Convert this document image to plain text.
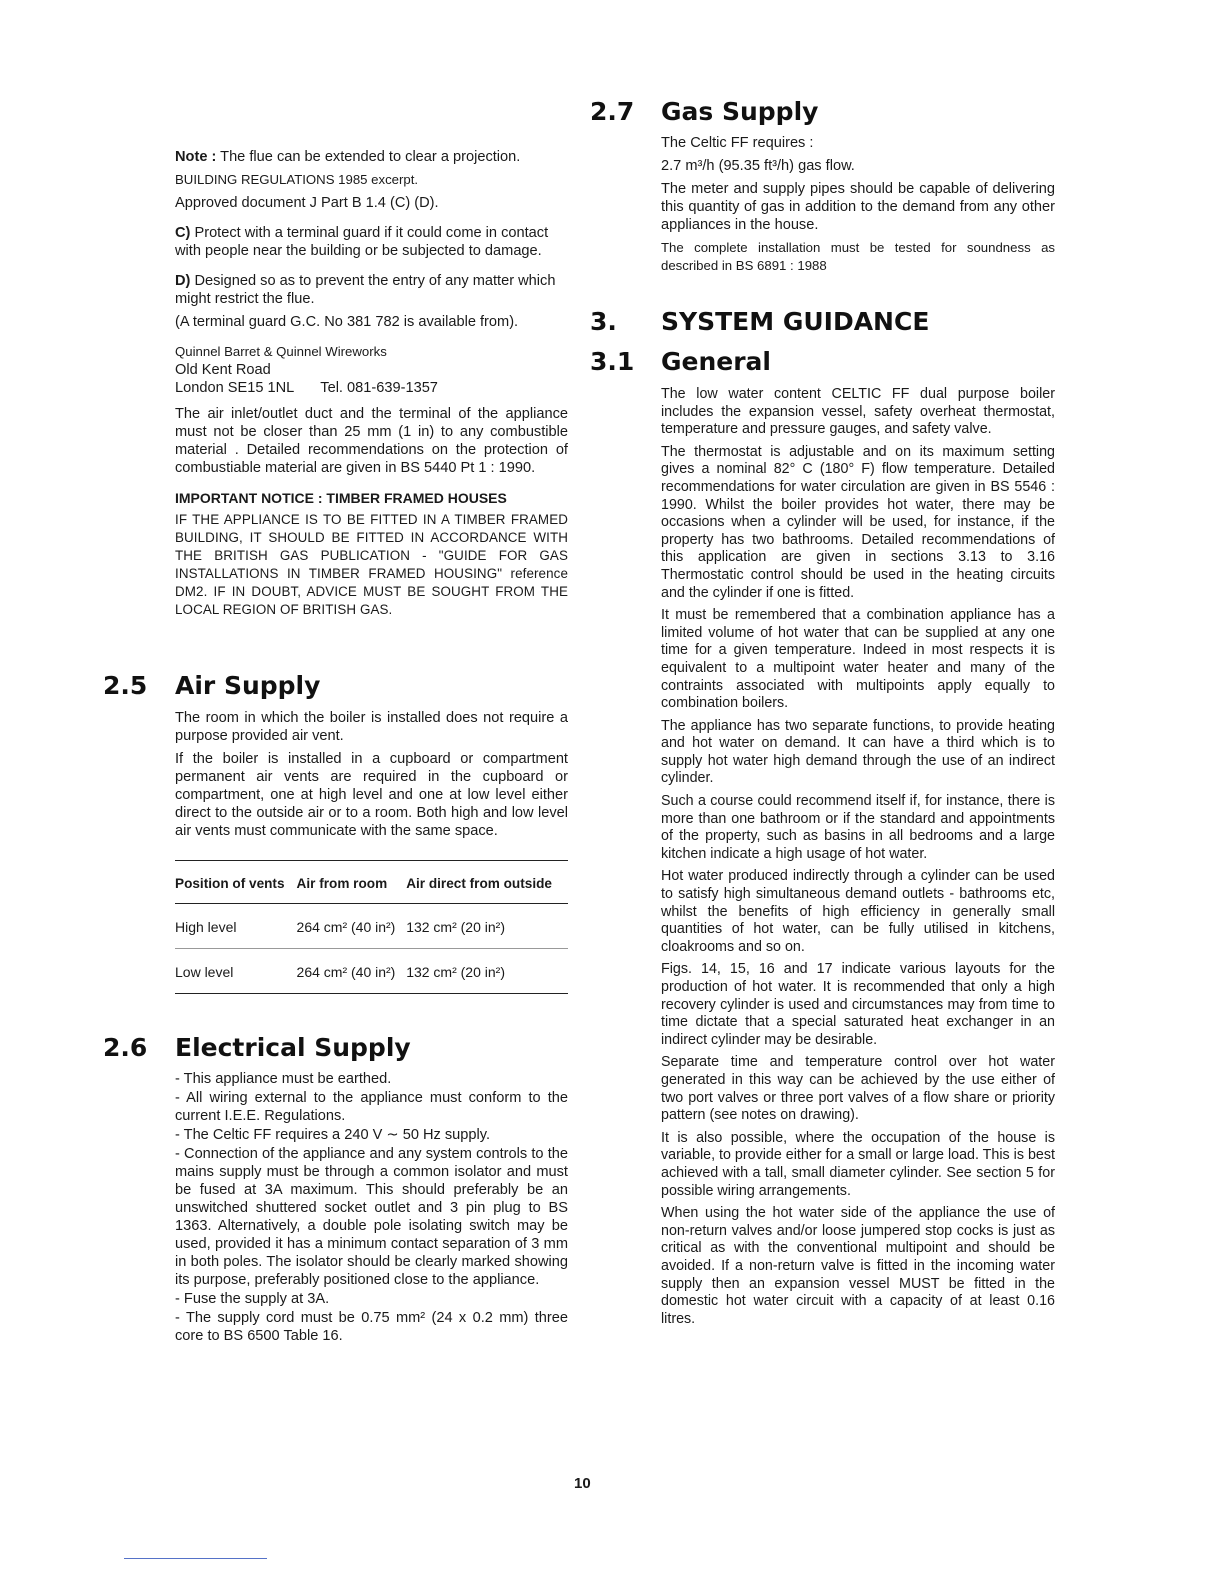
Note : The flue can be extended to clear a projection.

BUILDING REGULATIONS 1985 excerpt.

Approved document J Part B 1.4 (C) (D).

C) Protect with a terminal guard if it could come in contact with people near the building or be subjected to damage.

D) Designed so as to prevent the entry of any matter which might restrict the flue.

(A terminal guard G.C. No 381 782 is available from).

Quinnel Barret & Quinnel Wireworks
Old Kent Road
London SE15 1NL Tel. 081-639-1357

The air inlet/outlet duct and the terminal of the appliance must not be closer than 25 mm (1 in) to any combustible material . Detailed recommendations on the protection of combustiable material are given in BS 5440 Pt 1 : 1990.

IMPORTANT NOTICE : TIMBER FRAMED HOUSES

IF THE APPLIANCE IS TO BE FITTED IN A TIMBER FRAMED BUILDING, IT SHOULD BE FITTED IN ACCORDANCE WITH THE BRITISH GAS PUBLICATION - "GUIDE FOR GAS INSTALLATIONS IN TIMBER FRAMED HOUSING" reference DM2. IF IN DOUBT, ADVICE MUST BE SOUGHT FROM THE LOCAL REGION OF BRITISH GAS.

2.5 Air Supply

The room in which the boiler is installed does not require a purpose provided air vent.

If the boiler is installed in a cupboard or compartment permanent air vents are required in the cupboard or compartment, one at high level and one at low level either direct to the outside air or to a room. Both high and low level air vents must communicate with the same space.

Position of vents	Air from room	Air direct from outside
High level	264 cm² (40 in²)	132 cm² (20 in²)
Low level	264 cm² (40 in²)	132 cm² (20 in²)
2.6 Electrical Supply

- This appliance must be earthed.

- All wiring external to the appliance must conform to the current I.E.E. Regulations.

- The Celtic FF requires a 240 V ∼ 50 Hz supply.

- Connection of the appliance and any system controls to the mains supply must be through a common isolator and must be fused at 3A maximum. This should preferably be an unswitched shuttered socket outlet and 3 pin plug to BS 1363. Alternatively, a double pole isolating switch may be used, provided it has a minimum contact separation of 3 mm in both poles. The isolator should be clearly marked showing its purpose, preferably positioned close to the appliance.

- Fuse the supply at 3A.

- The supply cord must be 0.75 mm² (24 x 0.2 mm) three core to BS 6500 Table 16.

2.7 Gas Supply

The Celtic FF requires :

2.7 m³/h (95.35 ft³/h) gas flow.

The meter and supply pipes should be capable of delivering this quantity of gas in addition to the demand from any other appliances in the house.

The complete installation must be tested for soundness as described in BS 6891 : 1988

3. SYSTEM GUIDANCE
3.1 General

The low water content CELTIC FF dual purpose boiler includes the expansion vessel, safety overheat thermostat, temperature and pressure gauges, and safety valve.

The thermostat is adjustable and on its maximum setting gives a nominal 82° C (180° F) flow temperature. Detailed recommendations for water circulation are given in BS 5546 : 1990. Whilst the boiler provides hot water, there may be occasions when a cylinder will be used, for instance, if the property has two bathrooms. Detailed recommendations of this application are given in sections 3.13 to 3.16 Thermostatic control should be used in the heating circuits and the cylinder if one is fitted.

It must be remembered that a combination appliance has a limited volume of hot water that can be supplied at any one time for a given temperature. Indeed in most respects it is equivalent to a multipoint water heater and many of the contraints associated with multipoints apply equally to combination boilers.

The appliance has two separate functions, to provide heating and hot water on demand. It can have a third which is to supply hot water high demand through the use of an indirect cylinder.

Such a course could recommend itself if, for instance, there is more than one bathroom or if the standard and appointments of the property, such as basins in all bedrooms and a large kitchen indicate a high usage of hot water.

Hot water produced indirectly through a cylinder can be used to satisfy high simultaneous demand outlets - bathrooms etc, whilst the benefits of high efficiency in generally small quantities of hot water, can be fully utilised in kitchens, cloakrooms and so on.

Figs. 14, 15, 16 and 17 indicate various layouts for the production of hot water. It is recommended that only a high recovery cylinder is used and circumstances may from time to time dictate that a special saturated heat exchanger in an indirect cylinder may be desirable.

Separate time and temperature control over hot water generated in this way can be achieved by the use either of two port valves or three port valves of a flow share or priority pattern (see notes on drawing).

It is also possible, where the occupation of the house is variable, to provide either for a small or large load. This is best achieved with a tall, small diameter cylinder. See section 5 for possible wiring arrangements.

When using the hot water side of the appliance the use of non-return valves and/or loose jumpered stop cocks is just as critical as with the conventional multipoint and should be avoided. If a non-return valve is fitted in the incoming water supply then an expansion vessel MUST be fitted in the domestic hot water circuit with a capacity of at least 0.16 litres.

10
